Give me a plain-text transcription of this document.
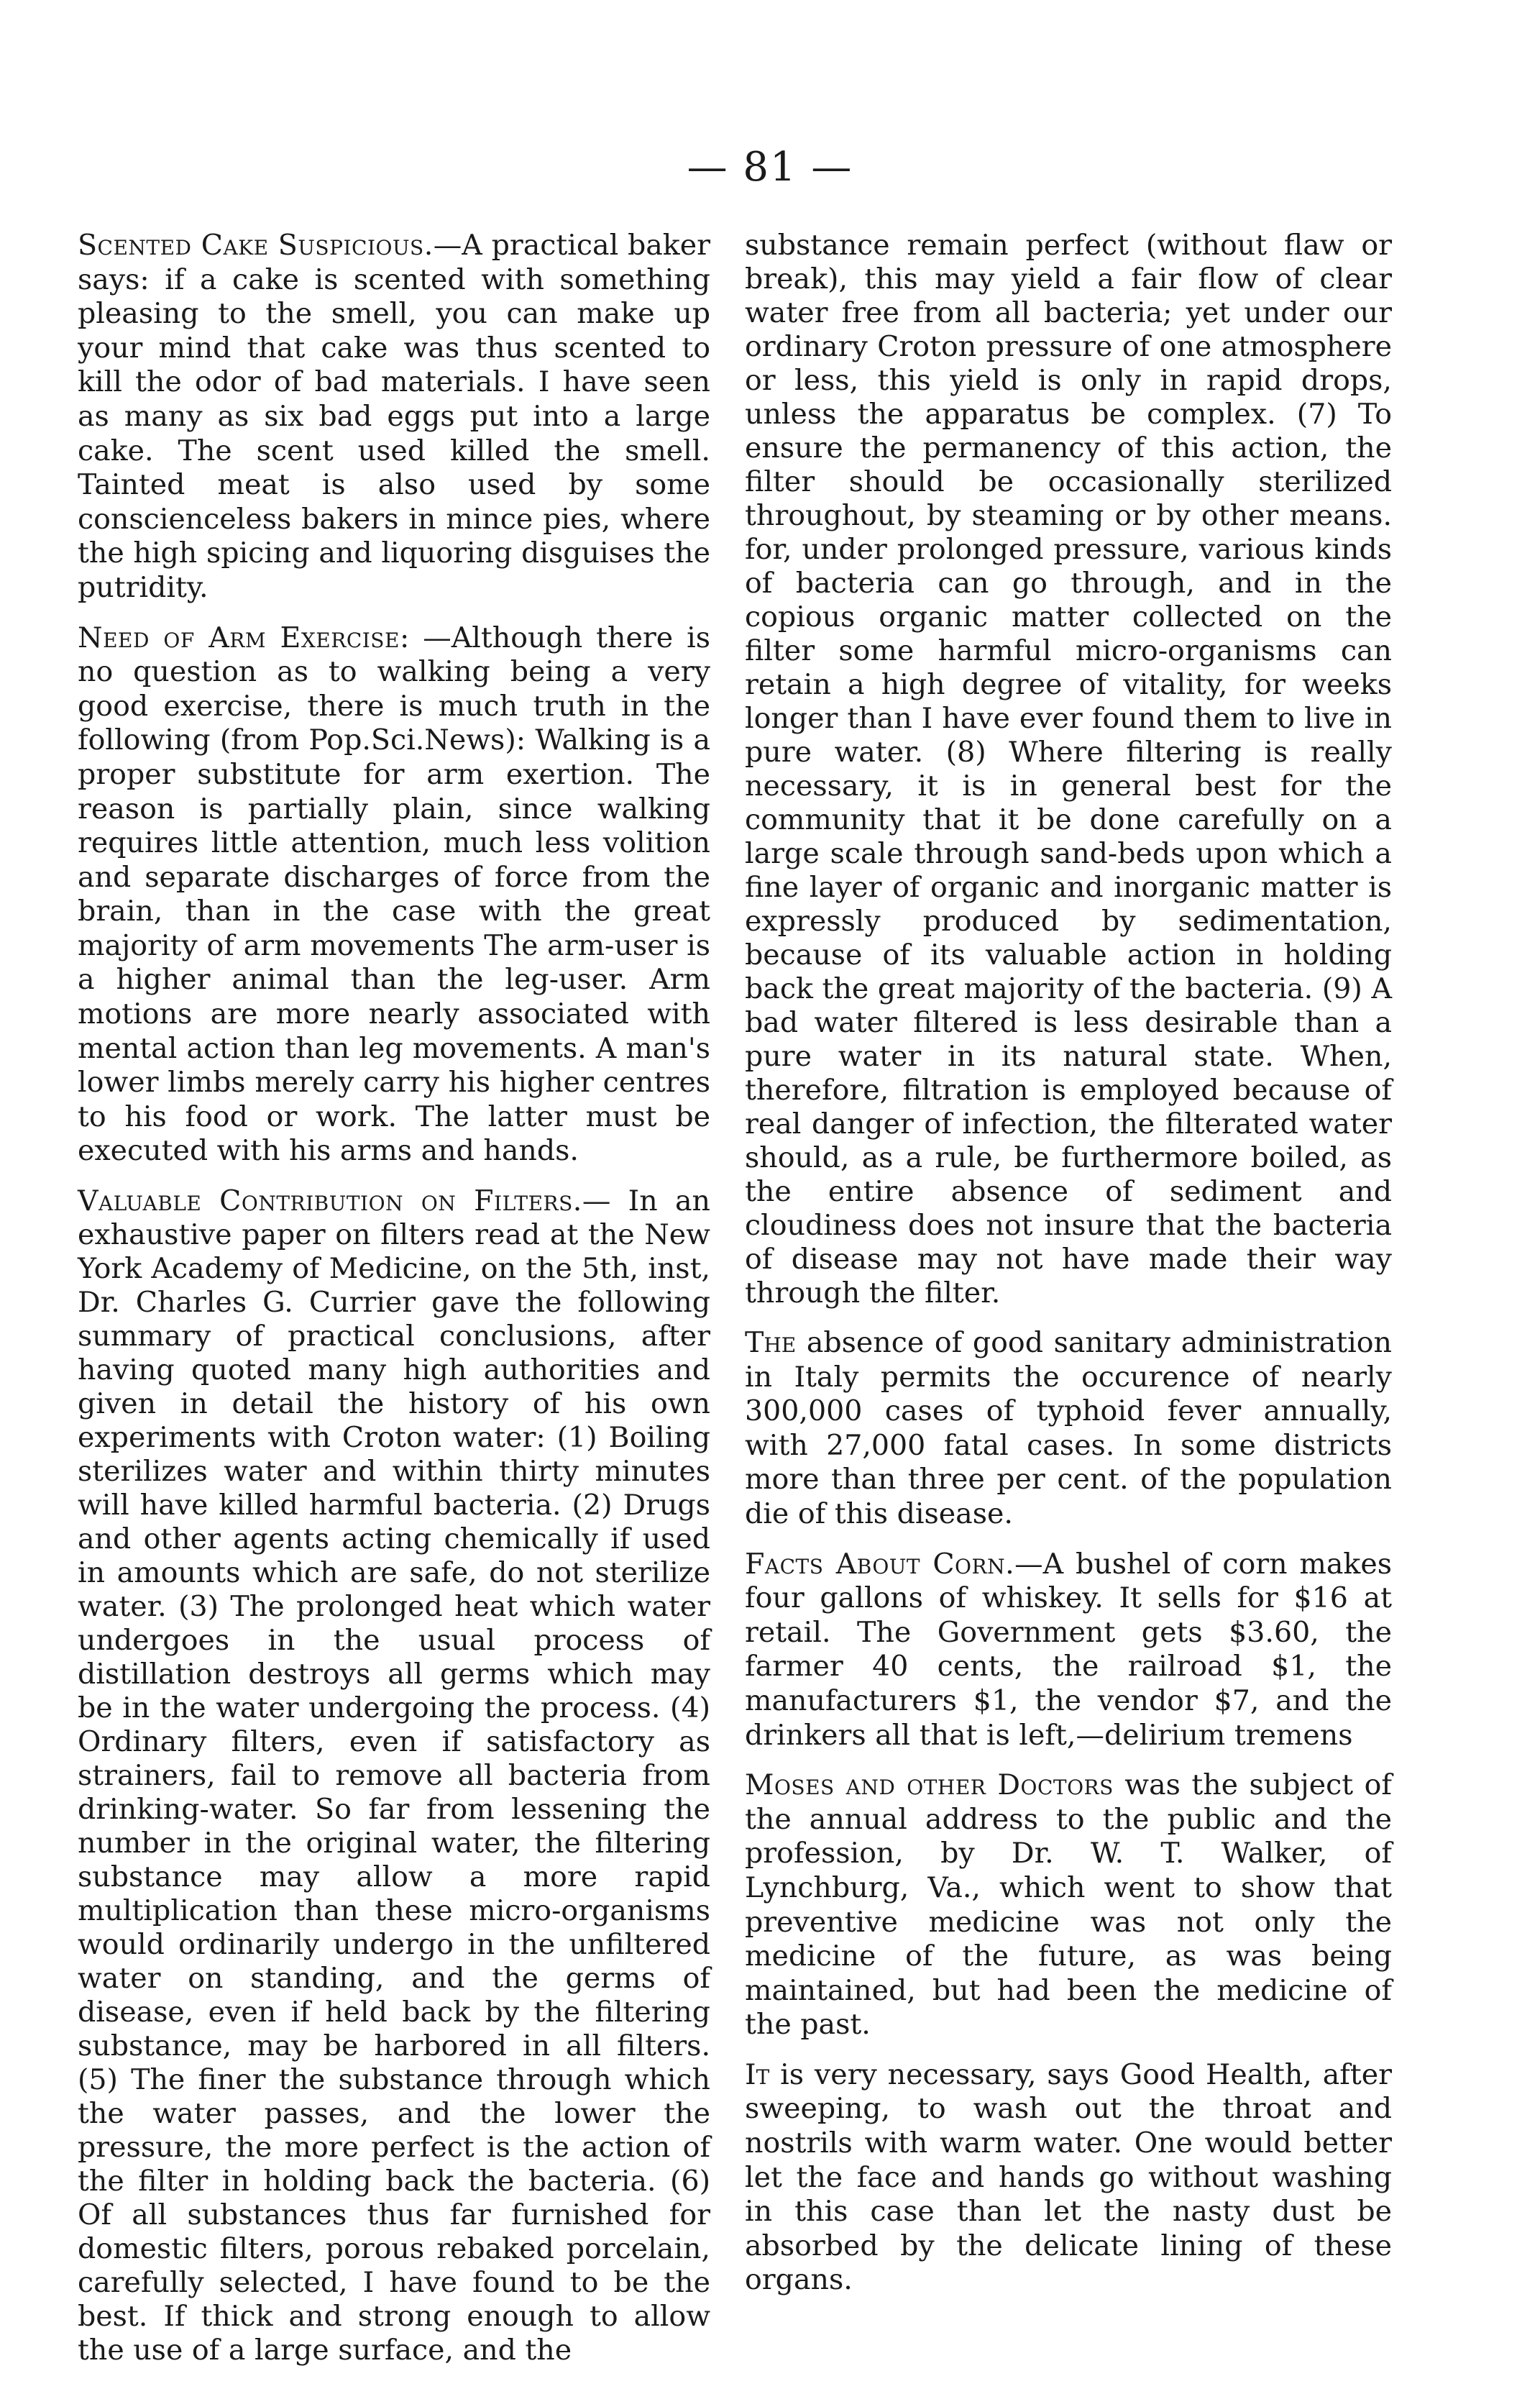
— 81 —

Scented Cake Suspicious.—A practical baker says: if a cake is scented with something pleasing to the smell, you can make up your mind that cake was thus scented to kill the odor of bad materials. I have seen as many as six bad eggs put into a large cake. The scent used killed the smell. Tainted meat is also used by some conscienceless bakers in mince pies, where the high spicing and liquoring disguises the putridity.

Need of Arm Exercise: —Although there is no question as to walking being a very good exercise, there is much truth in the following (from Pop.Sci.News): Walking is a proper substitute for arm exertion. The reason is partially plain, since walking requires little attention, much less volition and separate discharges of force from the brain, than in the case with the great majority of arm movements The arm-user is a higher animal than the leg-user. Arm motions are more nearly associated with mental action than leg movements. A man's lower limbs merely carry his higher centres to his food or work. The latter must be executed with his arms and hands.

Valuable Contribution on Filters.— In an exhaustive paper on filters read at the New York Academy of Medicine, on the 5th, inst, Dr. Charles G. Currier gave the following summary of practical conclusions, after having quoted many high authorities and given in detail the history of his own experiments with Croton water: (1) Boiling sterilizes water and within thirty minutes will have killed harmful bacteria. (2) Drugs and other agents acting chemically if used in amounts which are safe, do not sterilize water. (3) The prolonged heat which water undergoes in the usual process of distillation destroys all germs which may be in the water undergoing the process. (4) Ordinary filters, even if satisfactory as strainers, fail to remove all bacteria from drinking-water. So far from lessening the number in the original water, the filtering substance may allow a more rapid multiplication than these micro-organisms would ordinarily undergo in the unfiltered water on standing, and the germs of disease, even if held back by the filtering substance, may be harbored in all filters. (5) The finer the substance through which the water passes, and the lower the pressure, the more perfect is the action of the filter in holding back the bacteria. (6) Of all substances thus far furnished for domestic filters, porous rebaked porcelain, carefully selected, I have found to be the best. If thick and strong enough to allow the use of a large surface, and the

substance remain perfect (without flaw or break), this may yield a fair flow of clear water free from all bacteria; yet under our ordinary Croton pressure of one atmosphere or less, this yield is only in rapid drops, unless the apparatus be complex. (7) To ensure the permanency of this action, the filter should be occasionally sterilized throughout, by steaming or by other means. for, under prolonged pressure, various kinds of bacteria can go through, and in the copious organic matter collected on the filter some harmful micro-organisms can retain a high degree of vitality, for weeks longer than I have ever found them to live in pure water. (8) Where filtering is really necessary, it is in general best for the community that it be done carefully on a large scale through sand-beds upon which a fine layer of organic and inorganic matter is expressly produced by sedimentation, because of its valuable action in holding back the great majority of the bacteria. (9) A bad water filtered is less desirable than a pure water in its natural state. When, therefore, filtration is employed because of real danger of infection, the filterated water should, as a rule, be furthermore boiled, as the entire absence of sediment and cloudiness does not insure that the bacteria of disease may not have made their way through the filter.

The absence of good sanitary administration in Italy permits the occurence of nearly 300,000 cases of typhoid fever annually, with 27,000 fatal cases. In some districts more than three per cent. of the population die of this disease.

Facts About Corn.—A bushel of corn makes four gallons of whiskey. It sells for $16 at retail. The Government gets $3.60, the farmer 40 cents, the railroad $1, the manufacturers $1, the vendor $7, and the drinkers all that is left,—delirium tremens

Moses and other Doctors was the subject of the annual address to the public and the profession, by Dr. W. T. Walker, of Lynchburg, Va., which went to show that preventive medicine was not only the medicine of the future, as was being maintained, but had been the medicine of the past.

It is very necessary, says Good Health, after sweeping, to wash out the throat and nostrils with warm water. One would better let the face and hands go without washing in this case than let the nasty dust be absorbed by the delicate lining of these organs.
